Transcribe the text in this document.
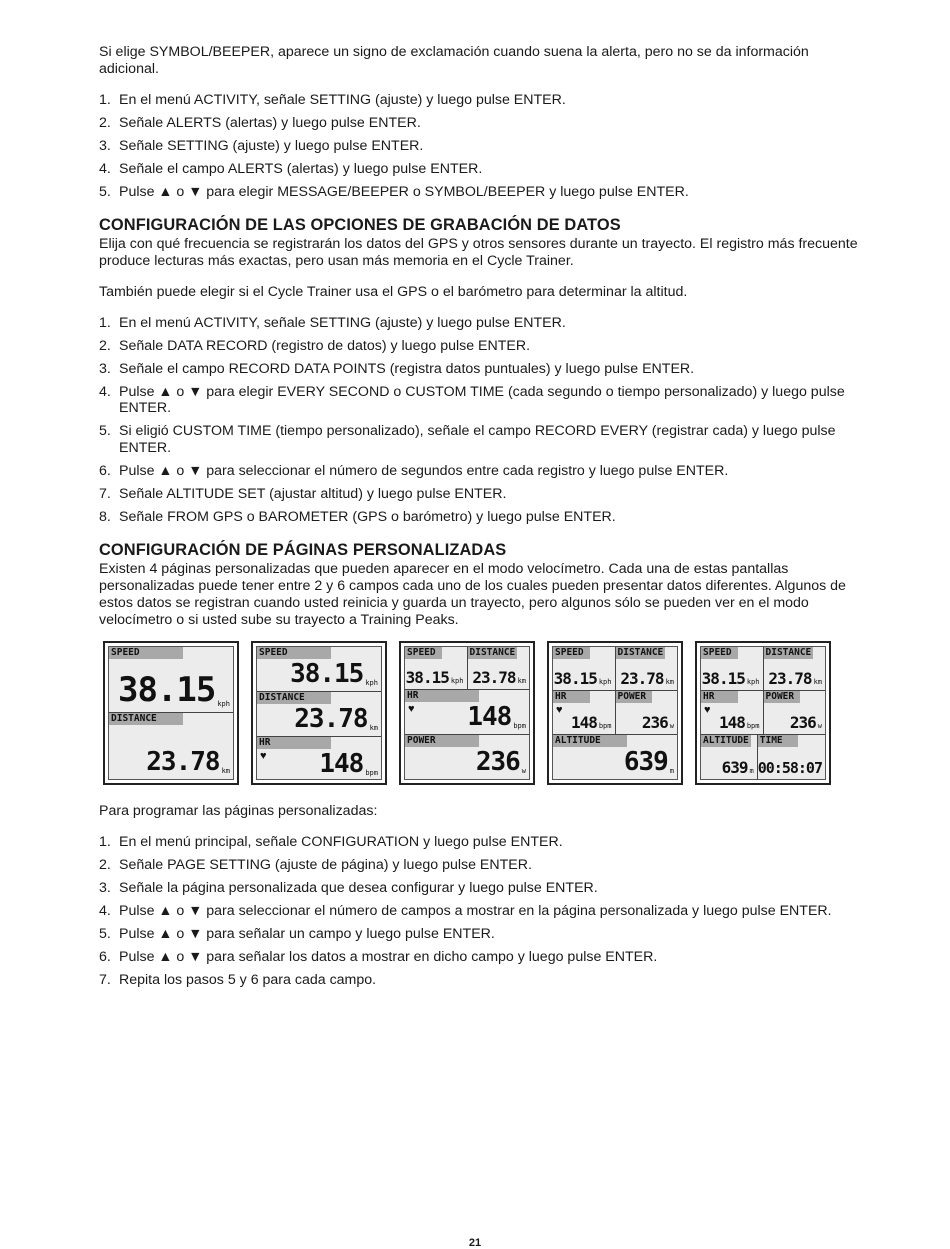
Si elige SYMBOL/BEEPER, aparece un signo de exclamación cuando suena la alerta, pero no se da información adicional.

1. En el menú ACTIVITY, señale SETTING (ajuste) y luego pulse ENTER.
2. Señale ALERTS (alertas) y luego pulse ENTER.
3. Señale SETTING (ajuste) y luego pulse ENTER.
4. Señale el campo ALERTS (alertas) y luego pulse ENTER.
5. Pulse ▲ o ▼ para elegir MESSAGE/BEEPER o SYMBOL/BEEPER y luego pulse ENTER.
CONFIGURACIÓN DE LAS OPCIONES DE GRABACIÓN DE DATOS

Elija con qué frecuencia se registrarán los datos del GPS y otros sensores durante un trayecto. El registro más frecuente produce lecturas más exactas, pero usan más memoria en el Cycle Trainer.

También puede elegir si el Cycle Trainer usa el GPS o el barómetro para determinar la altitud.

1. En el menú ACTIVITY, señale SETTING (ajuste) y luego pulse ENTER.
2. Señale DATA RECORD (registro de datos) y luego pulse ENTER.
3. Señale el campo RECORD DATA POINTS (registra datos puntuales) y luego pulse ENTER.
4. Pulse ▲ o ▼ para elegir EVERY SECOND o CUSTOM TIME (cada segundo o tiempo personalizado) y luego pulse ENTER.
5. Si eligió CUSTOM TIME (tiempo personalizado), señale el campo RECORD EVERY (registrar cada) y luego pulse ENTER.
6. Pulse ▲ o ▼ para seleccionar el número de segundos entre cada registro y luego pulse ENTER.
7. Señale ALTITUDE SET (ajustar altitud) y luego pulse ENTER.
8. Señale FROM GPS o BAROMETER (GPS o barómetro) y luego pulse ENTER.
CONFIGURACIÓN DE PÁGINAS PERSONALIZADAS

Existen 4 páginas personalizadas que pueden aparecer en el modo velocímetro. Cada una de estas pantallas personalizadas puede tener entre 2 y 6 campos cada uno de los cuales pueden presentar datos diferentes. Algunos de estos datos se registran cuando usted reinicia y guarda un trayecto, pero algunos sólo se pueden ver en el modo velocímetro o si usted sube su trayecto a Training Peaks.

SPEED
38.15 kph
DISTANCE
23.78 km
SPEED
38.15 kph
DISTANCE
23.78 km
HR
♥ 148 bpm
SPEED
38.15 kph
DISTANCE
23.78 km
HR
♥ 148 bpm
POWER
236 w
SPEED
38.15 kph
DISTANCE
23.78 km
HR
♥
148 bpm
POWER
236 w
ALTITUDE
639 m
SPEED
38.15 kph
DISTANCE
23.78 km
HR
♥
148 bpm
POWER
236 w
ALTITUDE
639 m
TIME
00:58:07

Para programar las páginas personalizadas:

1. En el menú principal, señale CONFIGURATION y luego pulse ENTER.
2. Señale PAGE SETTING (ajuste de página) y luego pulse ENTER.
3. Señale la página personalizada que desea configurar y luego pulse ENTER.
4. Pulse ▲ o ▼ para seleccionar el número de campos a mostrar en la página personalizada y luego pulse ENTER.
5. Pulse ▲ o ▼ para señalar un campo y luego pulse ENTER.
6. Pulse ▲ o ▼ para señalar los datos a mostrar en dicho campo y luego pulse ENTER.
7. Repita los pasos 5 y 6 para cada campo.
21
